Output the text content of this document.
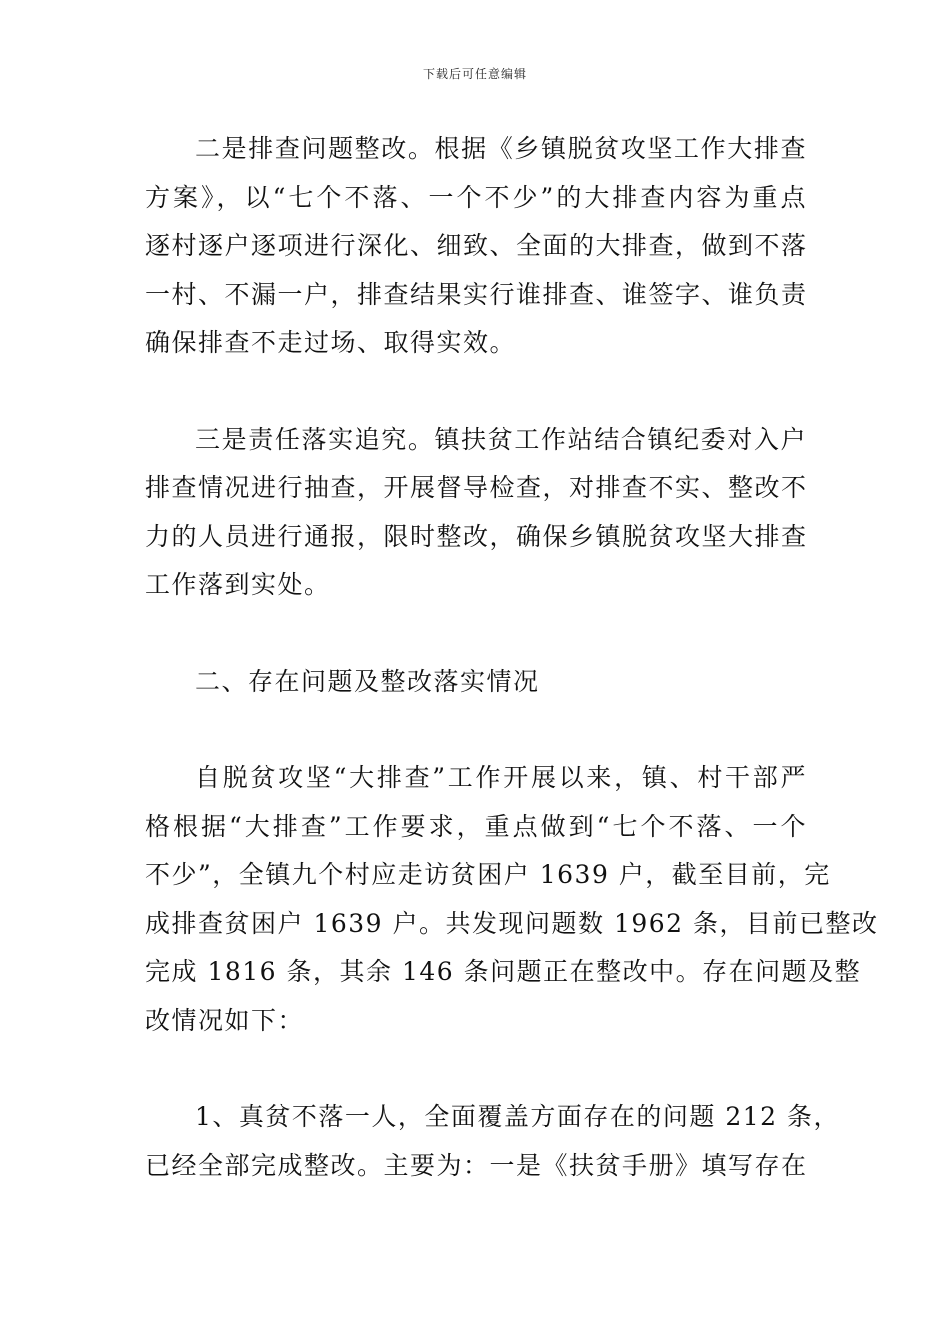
下载后可任意编辑
二是排查问题整改。根据《乡镇脱贫攻坚工作大排查
方案》，以“七个不落、一个不少”的大排查内容为重点
逐村逐户逐项进行深化、细致、全面的大排查，做到不落
一村、不漏一户，排查结果实行谁排查、谁签字、谁负责
确保排查不走过场、取得实效。
三是责任落实追究。镇扶贫工作站结合镇纪委对入户
排查情况进行抽查，开展督导检查，对排查不实、整改不
力的人员进行通报，限时整改，确保乡镇脱贫攻坚大排查
工作落到实处。
二、存在问题及整改落实情况
自脱贫攻坚“大排查”工作开展以来，镇、村干部严
格根据“大排查”工作要求，重点做到“七个不落、一个
不少”，全镇九个村应走访贫困户 1639 户，截至目前，完
成排查贫困户 1639 户。共发现问题数 1962 条，目前已整改
完成 1816 条，其余 146 条问题正在整改中。存在问题及整
改情况如下：
1、真贫不落一人，全面覆盖方面存在的问题 212 条，
已经全部完成整改。主要为：一是《扶贫手册》填写存在
